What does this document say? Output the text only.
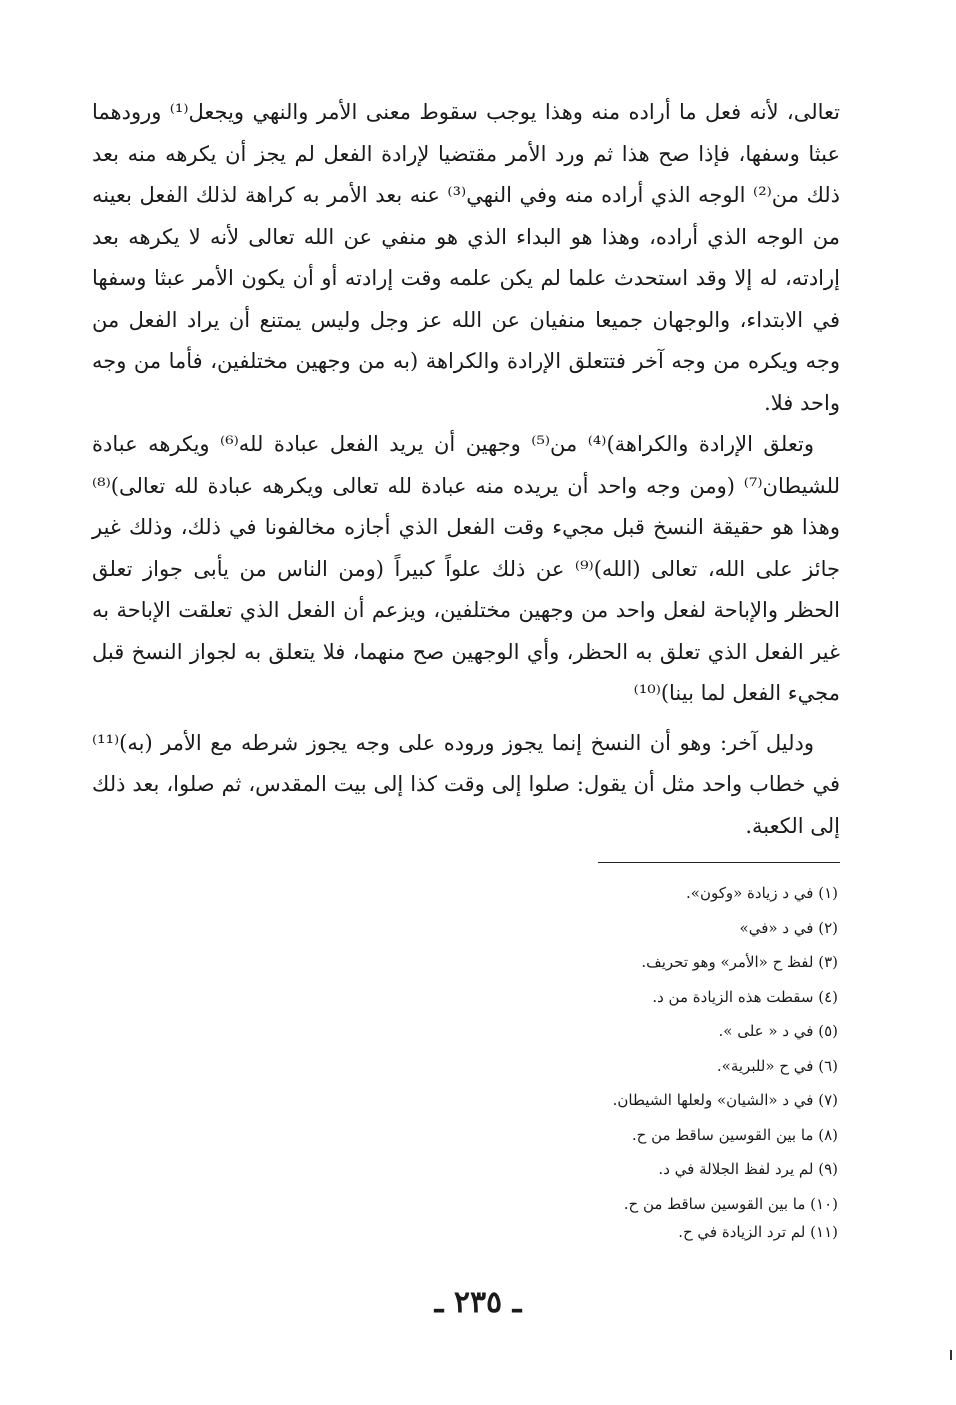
تعالى، لأنه فعل ما أراده منه وهذا يوجب سقوط معنى الأمر والنهي ويجعل⁽¹⁾ ورودهما عبثا وسفها، فإذا صح هذا ثم ورد الأمر مقتضيا لإرادة الفعل لم يجز أن يكرهه منه بعد ذلك من⁽²⁾ الوجه الذي أراده منه وفي النهي⁽³⁾ عنه بعد الأمر به كراهة لذلك الفعل بعينه من الوجه الذي أراده، وهذا هو البداء الذي هو منفي عن الله تعالى لأنه لا يكرهه بعد إرادته، له إلا وقد استحدث علما لم يكن علمه وقت إرادته أو أن يكون الأمر عبثا وسفها في الابتداء، والوجهان جميعا منفيان عن الله عز وجل وليس يمتنع أن يراد الفعل من وجه ويكره من وجه آخر فتتعلق الإرادة والكراهة (به من وجهين مختلفين، فأما من وجه واحد فلا.

وتعلق الإرادة والكراهة)⁽⁴⁾ من⁽⁵⁾ وجهين أن يريد الفعل عبادة لله⁽⁶⁾ ويكرهه عبادة للشيطان⁽⁷⁾ (ومن وجه واحد أن يريده منه عبادة لله تعالى ويكرهه عبادة لله تعالى)⁽⁸⁾ وهذا هو حقيقة النسخ قبل مجيء وقت الفعل الذي أجازه مخالفونا في ذلك، وذلك غير جائز على الله، تعالى (الله)⁽⁹⁾ عن ذلك علواً كبيراً (ومن الناس من يأبى جواز تعلق الحظر والإباحة لفعل واحد من وجهين مختلفين، ويزعم أن الفعل الذي تعلقت الإباحة به غير الفعل الذي تعلق به الحظر، وأي الوجهين صح منهما، فلا يتعلق به لجواز النسخ قبل مجيء الفعل لما بينا)⁽¹⁰⁾

ودليل آخر: وهو أن النسخ إنما يجوز وروده على وجه يجوز شرطه مع الأمر (به)⁽¹¹⁾ في خطاب واحد مثل أن يقول: صلوا إلى وقت كذا إلى بيت المقدس، ثم صلوا، بعد ذلك إلى الكعبة.

(١) في د زيادة «وكون».
(٢) في د «في»
(٣) لفظ ح «الأمر» وهو تحريف.
(٤) سقطت هذه الزيادة من د.
(٥) في د « على ».
(٦) في ح «للبرية».
(٧) في د «الشيان» ولعلها الشيطان.
(٨) ما بين القوسين ساقط من ح.
(٩) لم يرد لفظ الجلالة في د.
(١٠) ما بين القوسين ساقط من ح.
(١١) لم ترد الزيادة في ح.
ـ ٢٣٥ ـ
